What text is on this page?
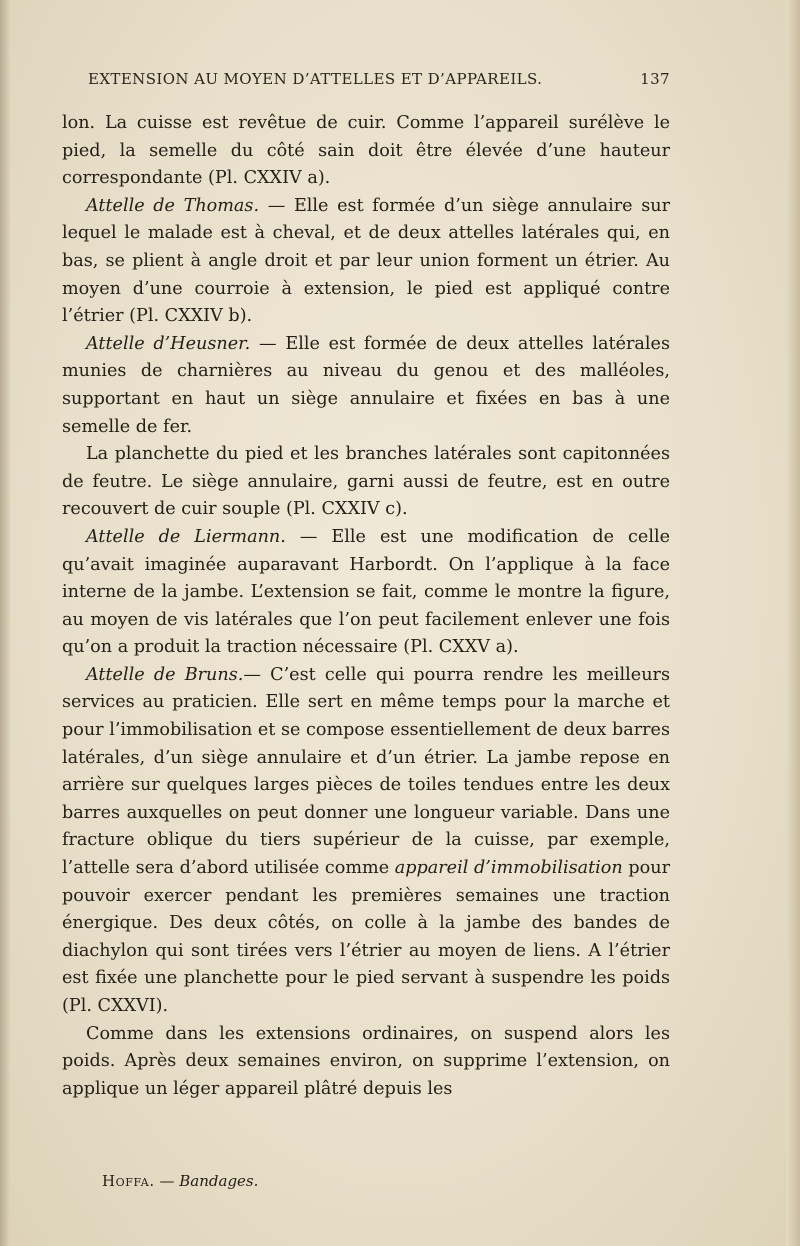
EXTENSION AU MOYEN D’ATTELLES ET D’APPAREILS.	137

lon. La cuisse est revêtue de cuir. Comme l’appareil surélève le pied, la semelle du côté sain doit être élevée d’une hauteur correspondante (Pl. CXXIV a).

Attelle de Thomas. — Elle est formée d’un siège annulaire sur lequel le malade est à cheval, et de deux attelles latérales qui, en bas, se plient à angle droit et par leur union forment un étrier. Au moyen d’une courroie à extension, le pied est appliqué contre l’étrier (Pl. CXXIV b).

Attelle d’Heusner. — Elle est formée de deux attelles latérales munies de charnières au niveau du genou et des malléoles, supportant en haut un siège annulaire et fixées en bas à une semelle de fer.

La planchette du pied et les branches latérales sont capitonnées de feutre. Le siège annulaire, garni aussi de feutre, est en outre recouvert de cuir souple (Pl. CXXIV c).

Attelle de Liermann. — Elle est une modification de celle qu’avait imaginée auparavant Harbordt. On l’applique à la face interne de la jambe. L’extension se fait, comme le montre la figure, au moyen de vis latérales que l’on peut facilement enlever une fois qu’on a produit la traction nécessaire (Pl. CXXV a).

Attelle de Bruns.— C’est celle qui pourra rendre les meilleurs services au praticien. Elle sert en même temps pour la marche et pour l’immobilisation et se compose essentiellement de deux barres latérales, d’un siège annulaire et d’un étrier. La jambe repose en arrière sur quelques larges pièces de toiles tendues entre les deux barres auxquelles on peut donner une longueur variable. Dans une fracture oblique du tiers supérieur de la cuisse, par exemple, l’attelle sera d’abord utilisée comme appareil d’immobilisation pour pouvoir exercer pendant les premières semaines une traction énergique. Des deux côtés, on colle à la jambe des bandes de diachylon qui sont tirées vers l’étrier au moyen de liens. A l’étrier est fixée une planchette pour le pied servant à suspendre les poids (Pl. CXXVI).

Comme dans les extensions ordinaires, on suspend alors les poids. Après deux semaines environ, on supprime l’extension, on applique un léger appareil plâtré depuis les

Hoffa. — Bandages.
